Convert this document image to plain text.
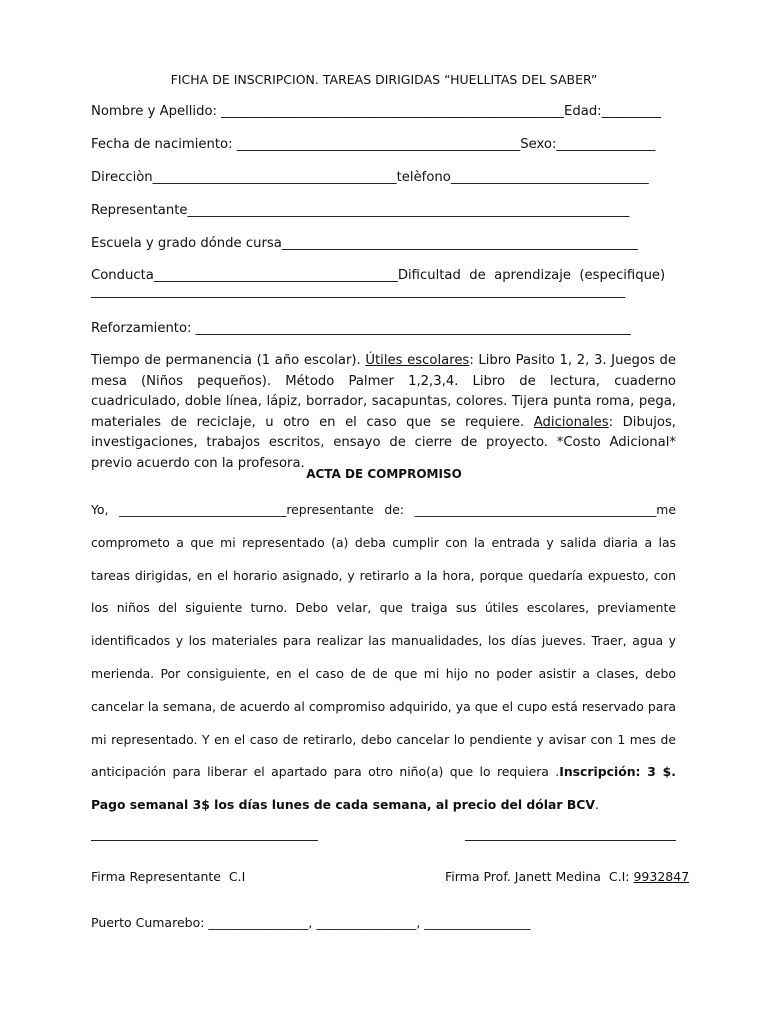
FICHA DE INSCRIPCION. TAREAS DIRIGIDAS “HUELLITAS DEL SABER”
Nombre y Apellido: ____________________________________________________Edad:_________
Fecha de nacimiento: ___________________________________________Sexo:_______________
Direcciòn_____________________________________telèfono______________________________
Representante___________________________________________________________________
Escuela y grado dónde cursa______________________________________________________
Conducta_____________________________________Dificultad  de  aprendizaje  (especifique)
_________________________________________________________________________________
Reforzamiento: __________________________________________________________________
Tiempo de permanencia (1 año escolar). Útiles escolares: Libro Pasito 1, 2, 3. Juegos de mesa (Niños pequeños). Método Palmer 1,2,3,4. Libro de lectura, cuaderno cuadriculado, doble línea, lápiz, borrador, sacapuntas, colores. Tijera punta roma, pega, materiales de reciclaje, u otro en el caso que se requiere. Adicionales: Dibujos, investigaciones, trabajos escritos, ensayo de cierre de proyecto. *Costo Adicional* previo acuerdo con la profesora.
ACTA DE COMPROMISO
Yo, ___________________________representante de: _______________________________________me comprometo a que mi representado (a) deba cumplir con la entrada y salida diaria a las tareas dirigidas, en el horario asignado, y retirarlo a la hora, porque quedaría expuesto, con los niños del siguiente turno. Debo velar, que traiga sus útiles escolares, previamente identificados y los materiales para realizar las manualidades, los días jueves. Traer, agua y merienda. Por consiguiente, en el caso de de que mi hijo no poder asistir a clases, debo cancelar la semana, de acuerdo al compromiso adquirido, ya que el cupo está reservado para mi representado. Y en el caso de retirarlo, debo cancelar lo pendiente y avisar con 1 mes de anticipación para liberar el apartado para otro niño(a) que lo requiera .Inscripción: 3 $. Pago semanal 3$ los días lunes de cada semana, al precio del dólar BCV.
Firma Representante  C.I	Firma Prof. Janett Medina  C.I: 9932847
Puerto Cumarebo: ________________, ________________, _________________
